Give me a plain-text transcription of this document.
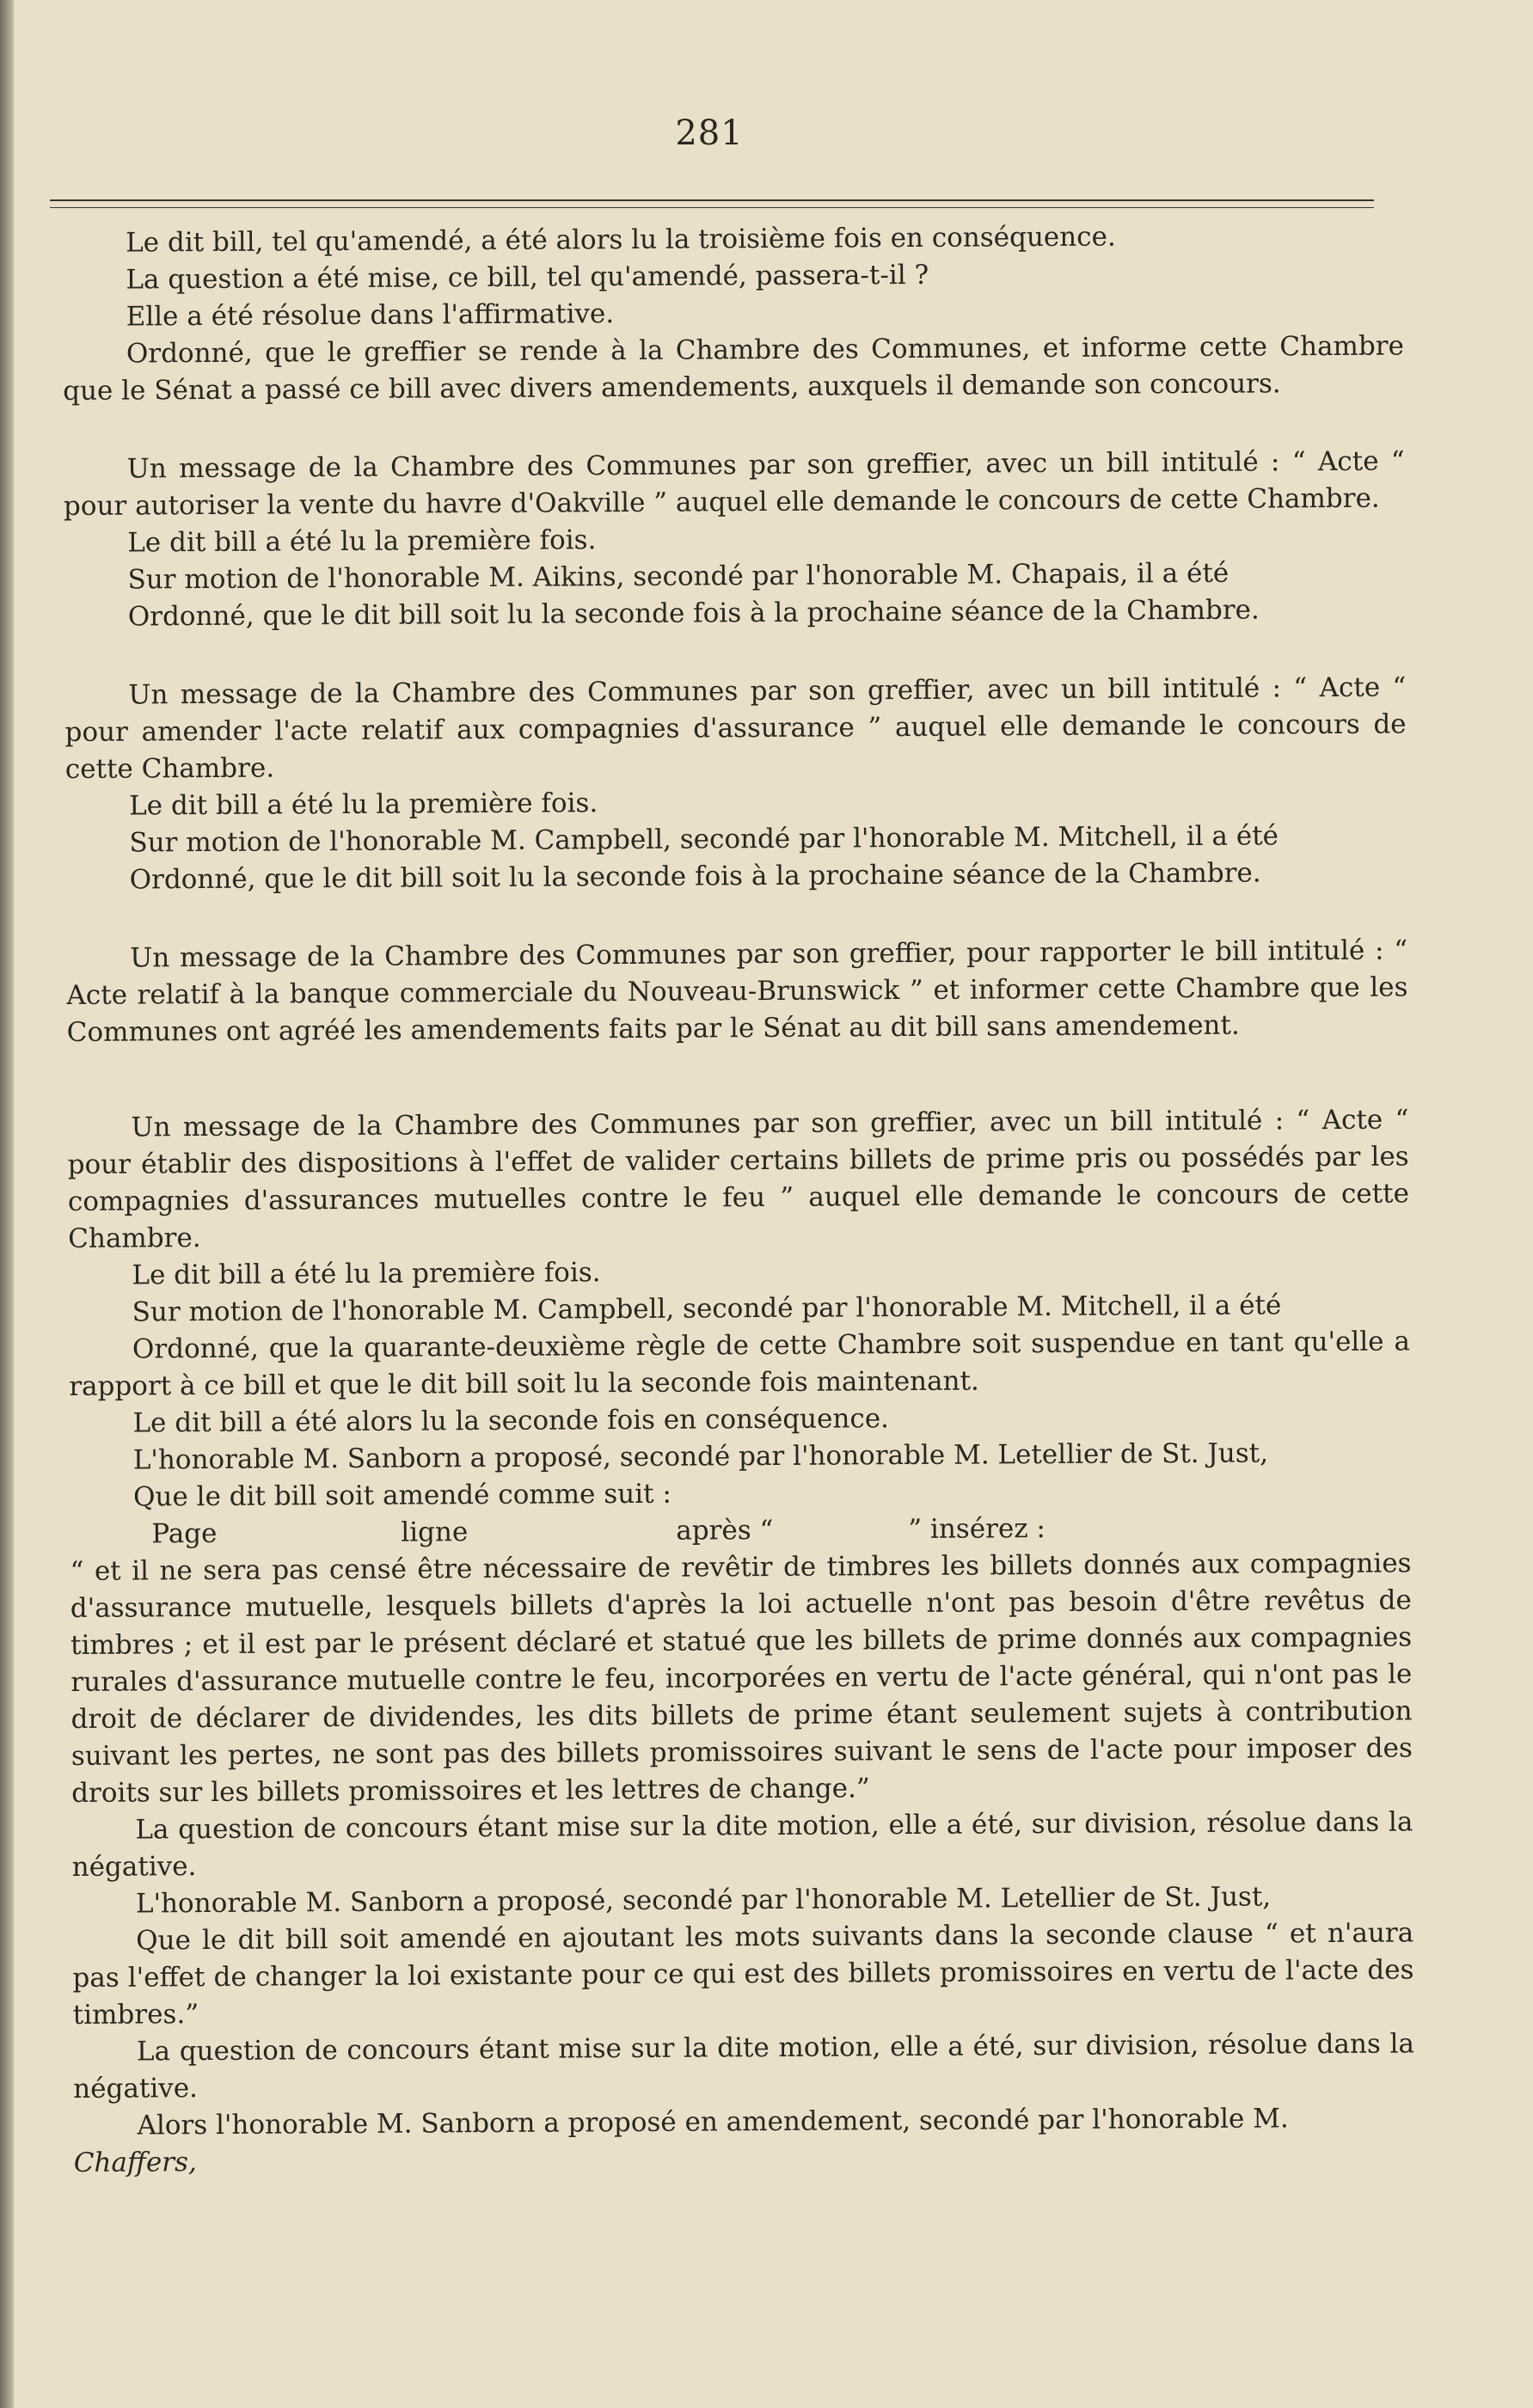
281

Le dit bill, tel qu'amendé, a été alors lu la troisième fois en conséquence.

La question a été mise, ce bill, tel qu'amendé, passera-t-il ?

Elle a été résolue dans l'affirmative.

Ordonné, que le greffier se rende à la Chambre des Communes, et informe cette Chambre que le Sénat a passé ce bill avec divers amendements, auxquels il demande son concours.

Un message de la Chambre des Communes par son greffier, avec un bill intitulé : “ Acte “ pour autoriser la vente du havre d'Oakville ” auquel elle demande le concours de cette Chambre.

Le dit bill a été lu la première fois.

Sur motion de l'honorable M. Aikins, secondé par l'honorable M. Chapais, il a été

Ordonné, que le dit bill soit lu la seconde fois à la prochaine séance de la Chambre.

Un message de la Chambre des Communes par son greffier, avec un bill intitulé : “ Acte “ pour amender l'acte relatif aux compagnies d'assurance ” auquel elle demande le concours de cette Chambre.

Le dit bill a été lu la première fois.

Sur motion de l'honorable M. Campbell, secondé par l'honorable M. Mitchell, il a été

Ordonné, que le dit bill soit lu la seconde fois à la prochaine séance de la Chambre.

Un message de la Chambre des Communes par son greffier, pour rapporter le bill intitulé : “ Acte relatif à la banque commerciale du Nouveau-Brunswick ” et informer cette Chambre que les Communes ont agréé les amendements faits par le Sénat au dit bill sans amendement.

Un message de la Chambre des Communes par son greffier, avec un bill intitulé : “ Acte “ pour établir des dispositions à l'effet de valider certains billets de prime pris ou possédés par les compagnies d'assurances mutuelles contre le feu ” auquel elle demande le concours de cette Chambre.

Le dit bill a été lu la première fois.

Sur motion de l'honorable M. Campbell, secondé par l'honorable M. Mitchell, il a été

Ordonné, que la quarante-deuxième règle de cette Chambre soit suspendue en tant qu'elle a rapport à ce bill et que le dit bill soit lu la seconde fois maintenant.

Le dit bill a été alors lu la seconde fois en conséquence.

L'honorable M. Sanborn a proposé, secondé par l'honorable M. Letellier de St. Just,

Que le dit bill soit amendé comme suit :

Page	ligne	après “	” insérez :

“ et il ne sera pas censé être nécessaire de revêtir de timbres les billets donnés aux compagnies d'assurance mutuelle, lesquels billets d'après la loi actuelle n'ont pas besoin d'être revêtus de timbres ; et il est par le présent déclaré et statué que les billets de prime donnés aux compagnies rurales d'assurance mutuelle contre le feu, incorporées en vertu de l'acte général, qui n'ont pas le droit de déclarer de dividendes, les dits billets de prime étant seulement sujets à contribution suivant les pertes, ne sont pas des billets promissoires suivant le sens de l'acte pour imposer des droits sur les billets promissoires et les lettres de change.”

La question de concours étant mise sur la dite motion, elle a été, sur division, résolue dans la négative.

L'honorable M. Sanborn a proposé, secondé par l'honorable M. Letellier de St. Just,

Que le dit bill soit amendé en ajoutant les mots suivants dans la seconde clause “ et n'aura pas l'effet de changer la loi existante pour ce qui est des billets promissoires en vertu de l'acte des timbres.”

La question de concours étant mise sur la dite motion, elle a été, sur division, résolue dans la négative.

Alors l'honorable M. Sanborn a proposé en amendement, secondé par l'honorable M.

Chaffers,
